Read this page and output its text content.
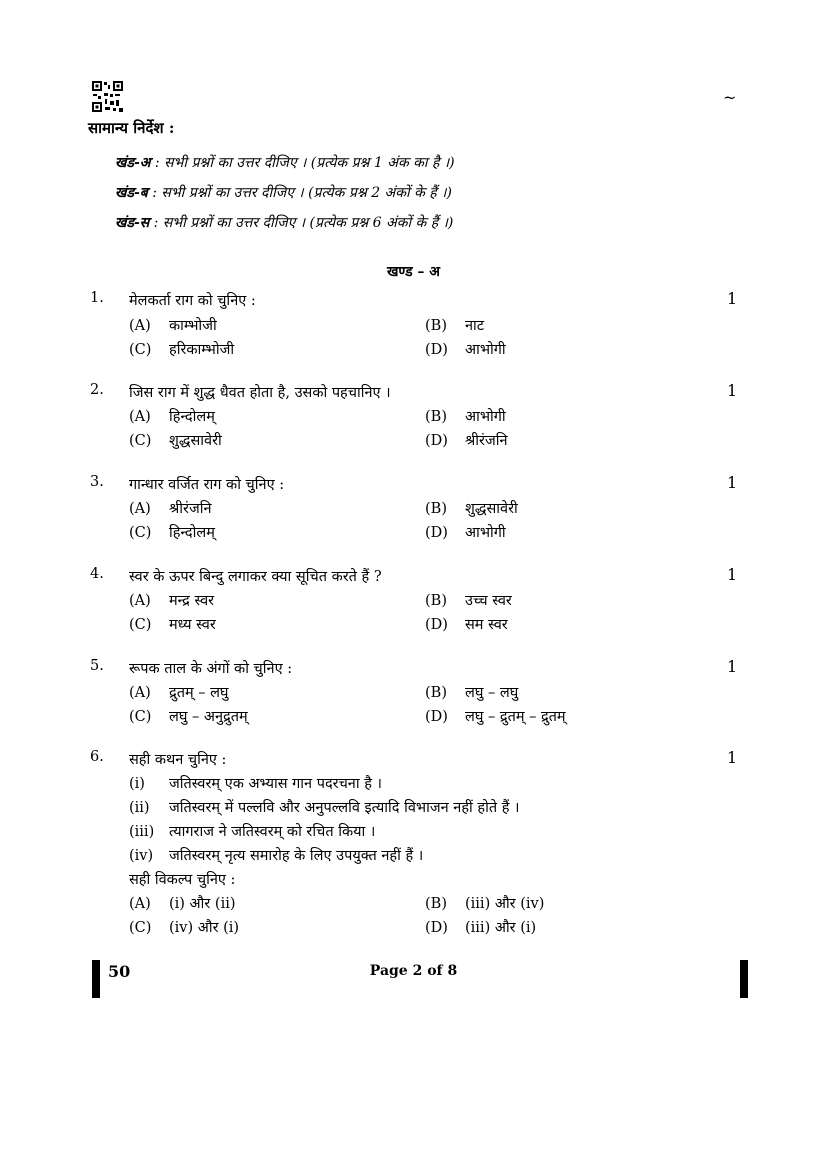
~
सामान्य निर्देश :
खंड-अ : सभी प्रश्नों का उत्तर दीजिए । (प्रत्येक प्रश्न 1 अंक का है ।)
खंड-ब : सभी प्रश्नों का उत्तर दीजिए । (प्रत्येक प्रश्न 2 अंकों के हैं ।)
खंड-स : सभी प्रश्नों का उत्तर दीजिए । (प्रत्येक प्रश्न 6 अंकों के हैं ।)
खण्ड – अ
1. मेलकर्ता राग को चुनिए :	1
(A) काम्भोजी	(B) नाट
(C) हरिकाम्भोजी	(D) आभोगी
2. जिस राग में शुद्ध धैवत होता है, उसको पहचानिए ।	1
(A) हिन्दोलम्	(B) आभोगी
(C) शुद्धसावेरी	(D) श्रीरंजनि
3. गान्धार वर्जित राग को चुनिए :	1
(A) श्रीरंजनि	(B) शुद्धसावेरी
(C) हिन्दोलम्	(D) आभोगी
4. स्वर के ऊपर बिन्दु लगाकर क्या सूचित करते हैं ?	1
(A) मन्द्र स्वर	(B) उच्च स्वर
(C) मध्य स्वर	(D) सम स्वर
5. रूपक ताल के अंगों को चुनिए :	1
(A) द्रुतम् – लघु	(B) लघु – लघु
(C) लघु – अनुद्रुतम्	(D) लघु – द्रुतम् – द्रुतम्
6. सही कथन चुनिए :	1
(i) जतिस्वरम् एक अभ्यास गान पदरचना है ।
(ii) जतिस्वरम् में पल्लवि और अनुपल्लवि इत्यादि विभाजन नहीं होते हैं ।
(iii) त्यागराज ने जतिस्वरम् को रचित किया ।
(iv) जतिस्वरम् नृत्य समारोह के लिए उपयुक्त नहीं हैं ।
सही विकल्प चुनिए :
(A) (i) और (ii)	(B) (iii) और (iv)
(C) (iv) और (i)	(D) (iii) और (i)
50	Page 2 of 8
